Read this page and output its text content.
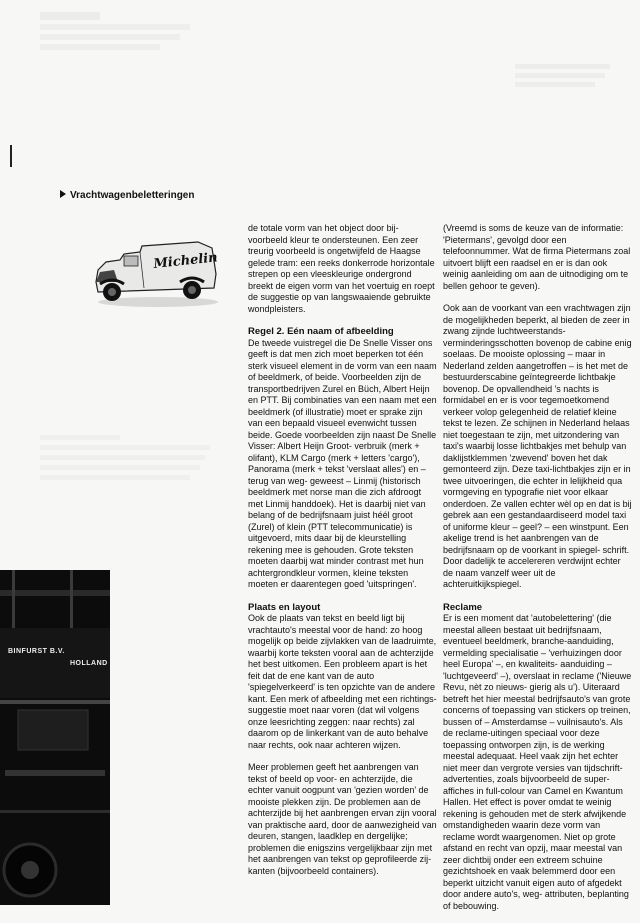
Vrachtwagenbeletteringen
Michelin
BINFURST B.V.
HOLLAND

de totale vorm van het object door bij- voorbeeld kleur te ondersteunen. Een zeer treurig voorbeeld is ongetwijfeld de Haagse gelede tram: een reeks donkerrode horizontale strepen op een vleeskleurige ondergrond breekt de eigen vorm van het voertuig en roept de suggestie op van langswaaiende gebruikte wondpleisters.

Regel 2. Eén naam of afbeelding

De tweede vuistregel die De Snelle Visser ons geeft is dat men zich moet beperken tot één sterk visueel element in de vorm van een naam of beeldmerk, of beide. Voorbeelden zijn de transportbedrijven Zurel en Büch, Albert Heijn en PTT. Bij combinaties van een naam met een beeldmerk (of illustratie) moet er sprake zijn van een bepaald visueel evenwicht tussen beide. Goede voorbeelden zijn naast De Snelle Visser: Albert Heijn Groot- verbruik (merk + olifant), KLM Cargo (merk + letters 'cargo'), Panorama (merk + tekst 'verslaat alles') en – terug van weg- geweest – Linmij (historisch beeldmerk met norse man die zich afdroogt met Linmij handdoek). Het is daarbij niet van belang of de bedrijfsnaam juist héél groot (Zurel) of klein (PTT telecommunicatie) is uitgevoerd, mits daar bij de kleurstelling rekening mee is gehouden. Grote teksten moeten daarbij wat minder contrast met hun achtergrondkleur vormen, kleine teksten moeten er daarentegen goed 'uitspringen'.

Plaats en layout

Ook de plaats van tekst en beeld ligt bij vrachtauto's meestal voor de hand: zo hoog mogelijk op beide zijvlakken van de laadruimte, waarbij korte teksten vooral aan de achterzijde het best uitkomen. Een probleem apart is het feit dat de ene kant van de auto 'spiegelverkeerd' is ten opzichte van de andere kant. Een merk of afbeelding met een richtings- suggestie moet naar voren (dat wil volgens onze leesrichting zeggen: naar rechts) zal daarom op de linkerkant van de auto behalve naar rechts, ook naar achteren wijzen.

Meer problemen geeft het aanbrengen van tekst of beeld op voor- en achterzijde, die echter vanuit oogpunt van 'gezien worden' de mooiste plekken zijn. De problemen aan de achterzijde bij het aanbrengen ervan zijn vooral van praktische aard, door de aanwezigheid van deuren, stangen, laadklep en dergelijke; problemen die enigszins vergelijkbaar zijn met het aanbrengen van tekst op geprofileerde zij- kanten (bijvoorbeeld containers).

(Vreemd is soms de keuze van de informatie: 'Pietermans', gevolgd door een telefoonnummer. Wat de firma Pietermans zoal uitvoert blijft een raadsel en er is dan ook weinig aanleiding om aan de uitnodiging om te bellen gehoor te geven).

Ook aan de voorkant van een vrachtwagen zijn de mogelijkheden beperkt, al bieden de zeer in zwang zijnde luchtweerstands- verminderingsschotten bovenop de cabine enig soelaas. De mooiste oplossing – maar in Nederland zelden aangetroffen – is het met de bestuurderscabine geïntegreerde lichtbakje bovenop. De opvallendheid 's nachts is formidabel en er is voor tegemoetkomend verkeer volop gelegenheid de relatief kleine tekst te lezen. Ze schijnen in Nederland helaas niet toegestaan te zijn, met uitzondering van taxi's waarbij losse lichtbakjes met behulp van daklijstklemmen 'zwevend' boven het dak gemonteerd zijn. Deze taxi-lichtbakjes zijn er in twee uitvoeringen, die echter in lelijkheid qua vormgeving en typografie niet voor elkaar onderdoen. Ze vallen echter wèl op en dat is bij gebrek aan een gestandaardiseerd model taxi of uniforme kleur – geel? – een winstpunt. Een akelige trend is het aanbrengen van de bedrijfsnaam op de voorkant in spiegel- schrift. Door dadelijk te accelereren verdwijnt echter de naam vanzelf weer uit de achteruitkijkspiegel.

Reclame

Er is een moment dat 'autobelettering' (die meestal alleen bestaat uit bedrijfsnaam, eventueel beeldmerk, branche-aanduiding, vermelding specialisatie – 'verhuizingen door heel Europa' –, en kwaliteits- aanduiding – 'luchtgeveerd' –), overslaat in reclame ('Nieuwe Revu, nèt zo nieuws- gierig als u'). Uiteraard betreft het hier meestal bedrijfsauto's van grote concerns of toepassing van stickers op treinen, bussen of – Amsterdamse – vuilnisauto's. Als de reclame-uitingen speciaal voor deze toepassing ontworpen zijn, is de werking meestal adequaat. Heel vaak zijn het echter niet meer dan vergrote versies van tijdschrift-advertenties, zoals bijvoorbeeld de super-affiches in full-colour van Camel en Kwantum Hallen. Het effect is pover omdat te weinig rekening is gehouden met de sterk afwijkende omstandigheden waarin deze vorm van reclame wordt waargenomen. Niet op grote afstand en recht van opzij, maar meestal van zeer dichtbij onder een extreem schuine gezichtshoek en vaak belemmerd door een beperkt uitzicht vanuit eigen auto of afgedekt door andere auto's, weg- attributen, beplanting of bebouwing.
